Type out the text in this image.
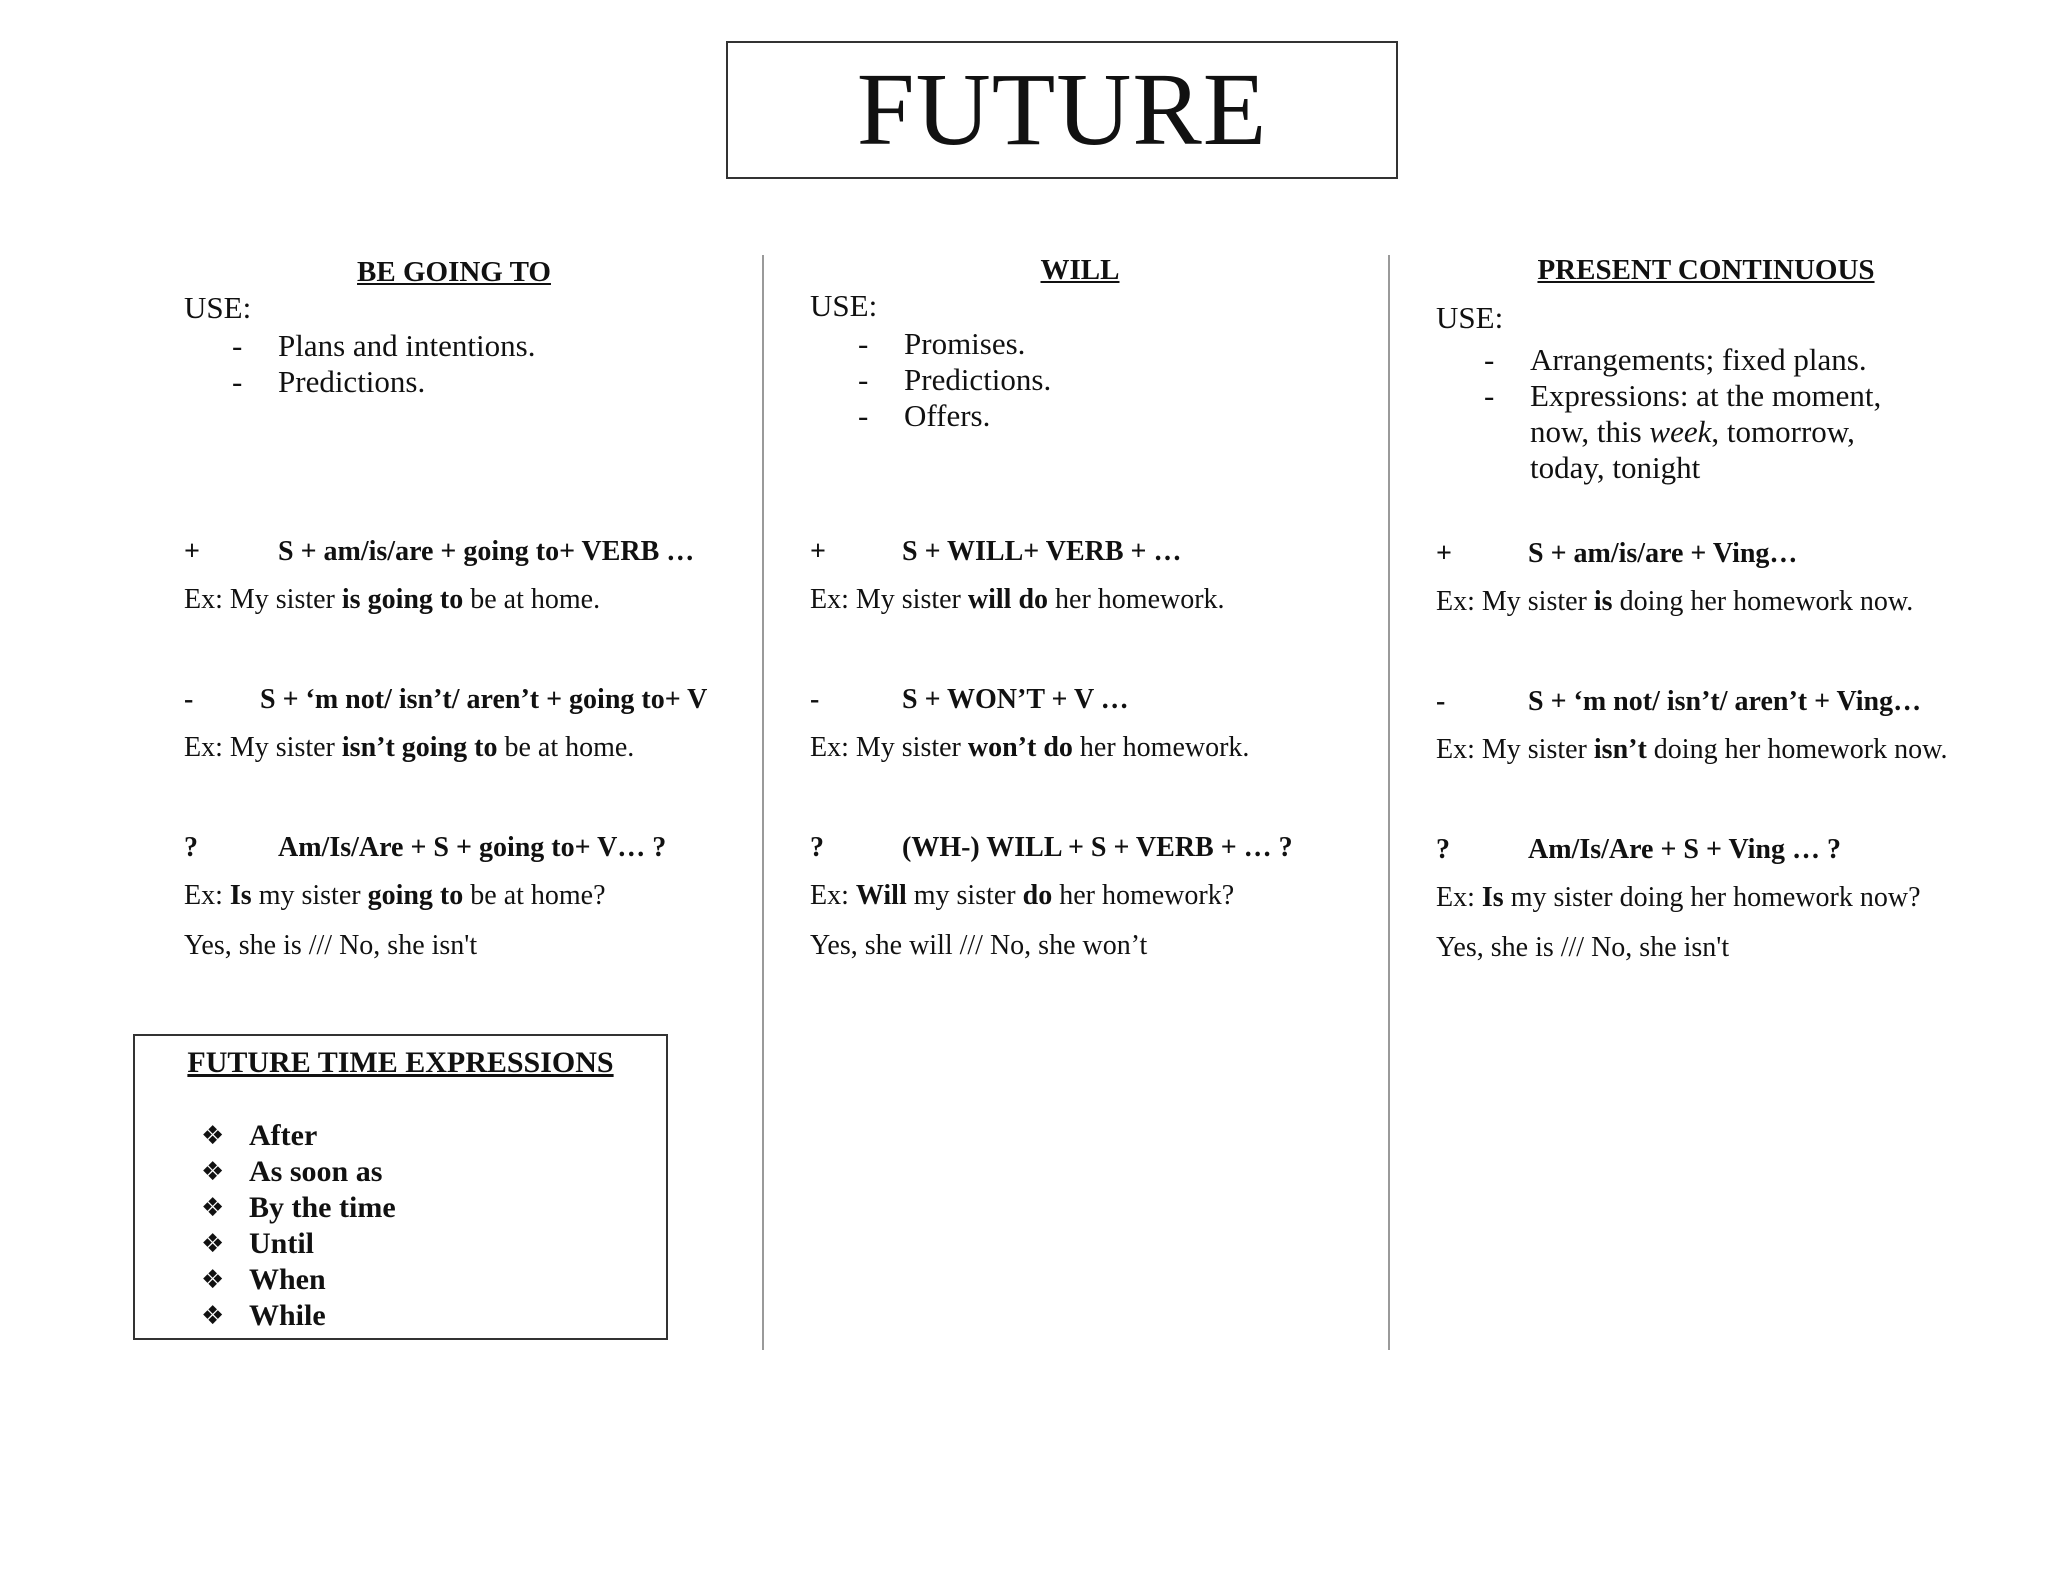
FUTURE
BE GOING TO
USE:
- Plans and intentions.
- Predictions.
+	S + am/is/are + going to+ VERB …
Ex: My sister is going to be at home.
- S + ‘m not/ isn’t/ aren’t + going to+ V
Ex: My sister isn’t going to be at home.
?	Am/Is/Are + S + going to+ V… ?
Ex: Is my sister going to be at home?
Yes, she is /// No, she isn't
WILL
USE:
- Promises.
- Predictions.
- Offers.
+	S + WILL+ VERB + …
Ex: My sister will do her homework.
-	S + WON’T + V …
Ex: My sister won’t do her homework.
?	(WH-) WILL + S + VERB + … ?
Ex: Will my sister do her homework?
Yes, she will /// No, she won’t
PRESENT CONTINUOUS
USE:
- Arrangements; fixed plans.
- Expressions: at the moment, now, this week, tomorrow, today, tonight
+	S + am/is/are + Ving…
Ex: My sister is doing her homework now.
-	S + ‘m not/ isn’t/ aren’t + Ving…
Ex: My sister isn’t doing her homework now.
?	Am/Is/Are + S + Ving … ?
Ex: Is my sister doing her homework now?
Yes, she is /// No, she isn't
FUTURE TIME EXPRESSIONS
❖ After
❖ As soon as
❖ By the time
❖ Until
❖ When
❖ While
